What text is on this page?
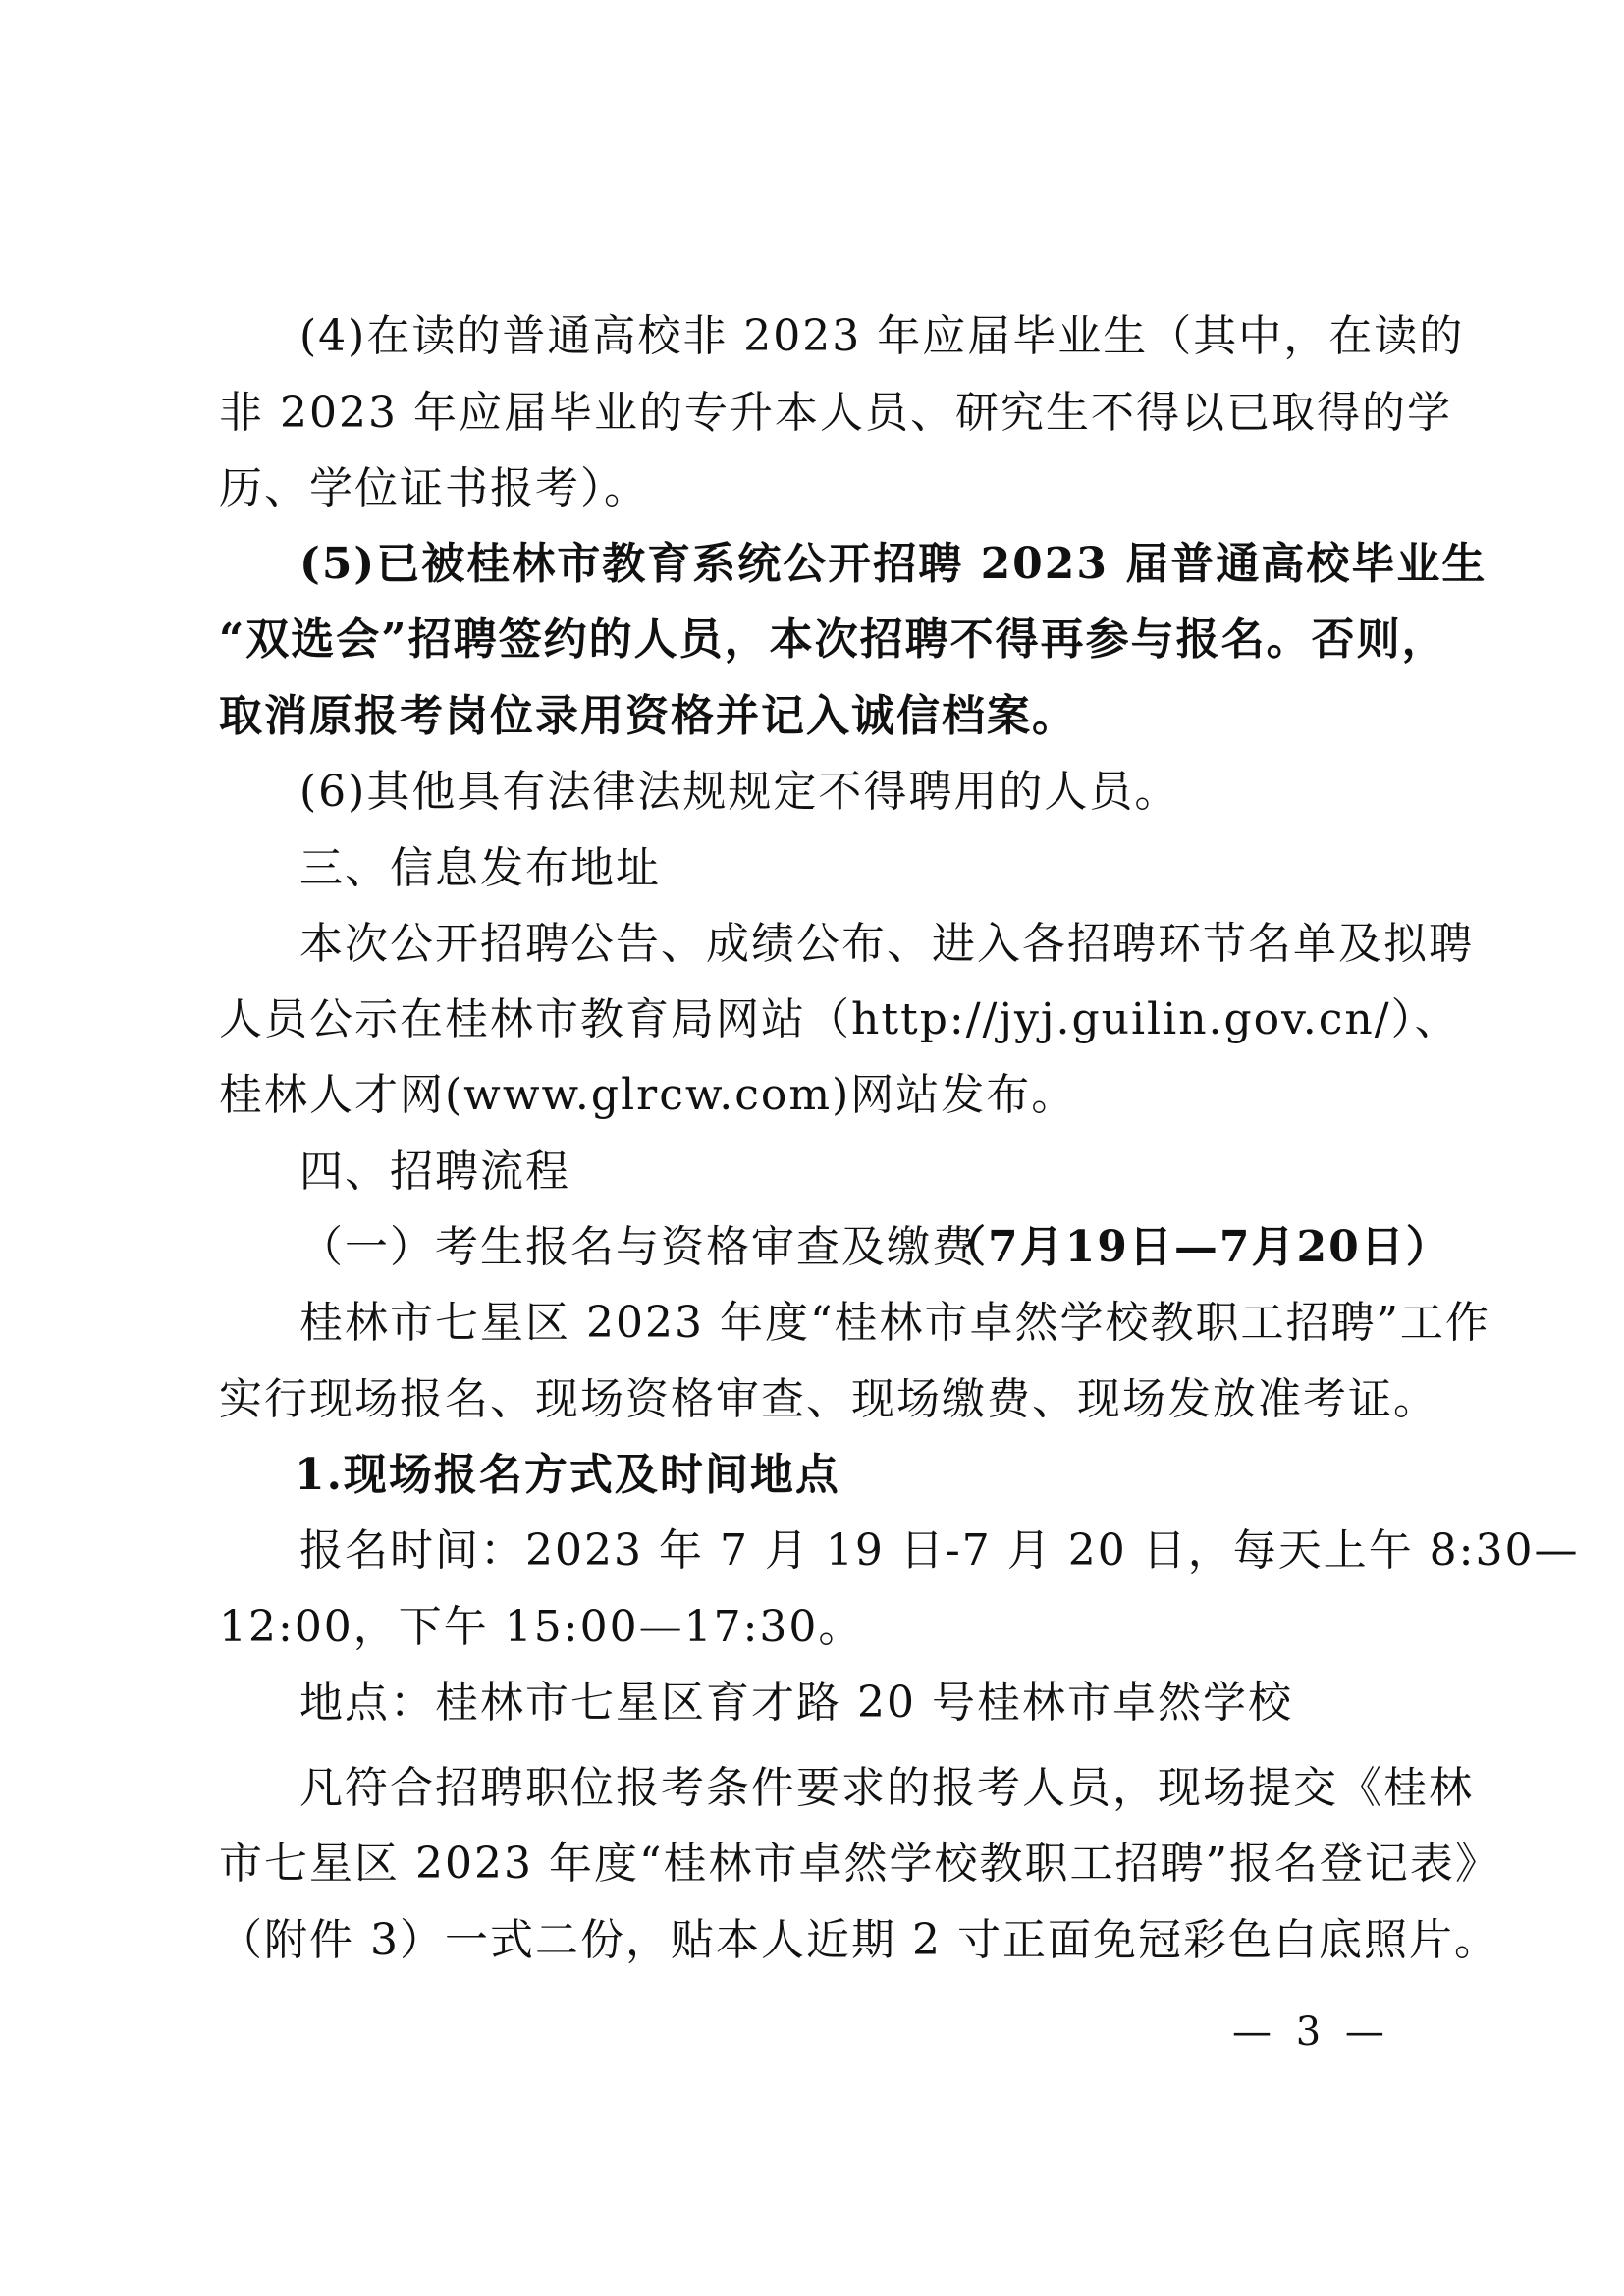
(4)在读的普通高校非 2023 年应届毕业生（其中，在读的
非 2023 年应届毕业的专升本人员、研究生不得以已取得的学
历、学位证书报考）。
(5)已被桂林市教育系统公开招聘 2023 届普通高校毕业生
“双选会”招聘签约的人员，本次招聘不得再参与报名。否则，
取消原报考岗位录用资格并记入诚信档案。
(6)其他具有法律法规规定不得聘用的人员。
三、信息发布地址
本次公开招聘公告、成绩公布、进入各招聘环节名单及拟聘
人员公示在桂林市教育局网站（http://jyj.guilin.gov.cn/）、
桂林人才网(www.glrcw.com)网站发布。
四、招聘流程
（一）考生报名与资格审查及缴费
（7月19日—7月20日）
桂林市七星区 2023 年度“桂林市卓然学校教职工招聘”工作
实行现场报名、现场资格审查、现场缴费、现场发放准考证。
1.现场报名方式及时间地点
报名时间：2023 年 7 月 19 日-7 月 20 日，每天上午 8:30—
12:00，下午 15:00—17:30。
地点：桂林市七星区育才路 20 号桂林市卓然学校
凡符合招聘职位报考条件要求的报考人员，现场提交《桂林
市七星区 2023 年度“桂林市卓然学校教职工招聘”报名登记表》
（附件 3）一式二份，贴本人近期 2 寸正面免冠彩色白底照片。
— 3 —
